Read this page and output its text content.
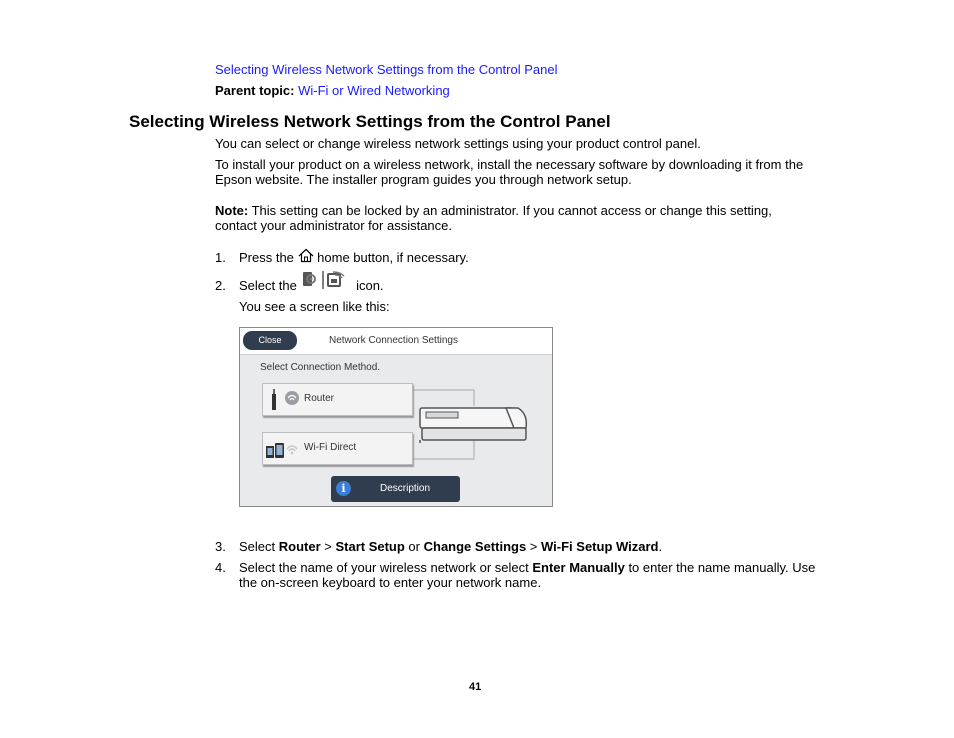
Selecting Wireless Network Settings from the Control Panel
Parent topic: Wi-Fi or Wired Networking
Selecting Wireless Network Settings from the Control Panel
You can select or change wireless network settings using your product control panel.
To install your product on a wireless network, install the necessary software by downloading it from the
Epson website. The installer program guides you through network setup.
Note: This setting can be locked by an administrator. If you cannot access or change this setting,
contact your administrator for assistance.
1. Press the home button, if necessary.
2. Select the	icon.
You see a screen like this:
Close	Network Connection Settings
Select Connection Method.
Router
Wi-Fi Direct
i	Description
3. Select Router > Start Setup or Change Settings > Wi-Fi Setup Wizard.
4. Select the name of your wireless network or select Enter Manually to enter the name manually. Use
the on-screen keyboard to enter your network name.
41
